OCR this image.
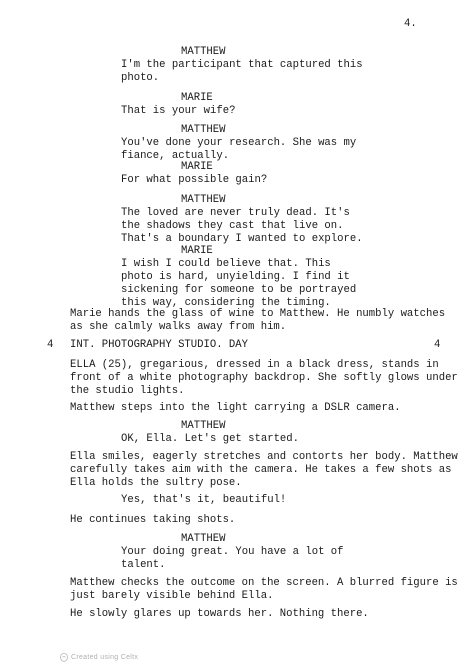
4.
MATTHEW
I'm the participant that captured this
photo.
MARIE
That is your wife?
MATTHEW
You've done your research. She was my
fiance, actually.
MARIE
For what possible gain?
MATTHEW
The loved are never truly dead. It's
the shadows they cast that live on.
That's a boundary I wanted to explore.
MARIE
I wish I could believe that. This
photo is hard, unyielding. I find it
sickening for someone to be portrayed
this way, considering the timing.
Marie hands the glass of wine to Matthew. He numbly watches
as she calmly walks away from him.
4 INT. PHOTOGRAPHY STUDIO. DAY	4
ELLA (25), gregarious, dressed in a black dress, stands in
front of a white photography backdrop. She softly glows under
the studio lights.
Matthew steps into the light carrying a DSLR camera.
MATTHEW
OK, Ella. Let's get started.
Ella smiles, eagerly stretches and contorts her body. Matthew
carefully takes aim with the camera. He takes a few shots as
Ella holds the sultry pose.
Yes, that's it, beautiful!
He continues taking shots.
MATTHEW
Your doing great. You have a lot of
talent.
Matthew checks the outcome on the screen. A blurred figure is
just barely visible behind Ella.
He slowly glares up towards her. Nothing there.
Created using Celtx
